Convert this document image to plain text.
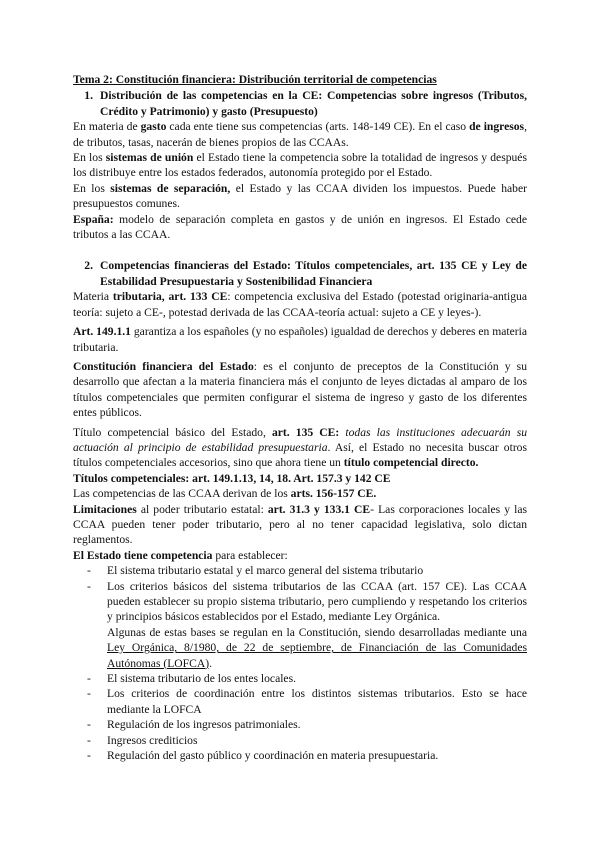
Tema 2: Constitución financiera: Distribución territorial de competencias

1. Distribución de las competencias en la CE: Competencias sobre ingresos (Tributos, Crédito y Patrimonio) y gasto (Presupuesto)

En materia de gasto cada ente tiene sus competencias (arts. 148-149 CE). En el caso de ingresos, de tributos, tasas, nacerán de bienes propios de las CCAAs.

En los sistemas de unión el Estado tiene la competencia sobre la totalidad de ingresos y después los distribuye entre los estados federados, autonomía protegido por el Estado.

En los sistemas de separación, el Estado y las CCAA dividen los impuestos. Puede haber presupuestos comunes.

España: modelo de separación completa en gastos y de unión en ingresos. El Estado cede tributos a las CCAA.

2. Competencias financieras del Estado: Títulos competenciales, art. 135 CE y Ley de Estabilidad Presupuestaria y Sostenibilidad Financiera

Materia tributaria, art. 133 CE: competencia exclusiva del Estado (potestad originaria-antigua teoría: sujeto a CE-, potestad derivada de las CCAA-teoría actual: sujeto a CE y leyes-).

Art. 149.1.1 garantiza a los españoles (y no españoles) igualdad de derechos y deberes en materia tributaria.

Constitución financiera del Estado: es el conjunto de preceptos de la Constitución y su desarrollo que afectan a la materia financiera más el conjunto de leyes dictadas al amparo de los títulos competenciales que permiten configurar el sistema de ingreso y gasto de los diferentes entes públicos.

Título competencial básico del Estado, art. 135 CE: todas las instituciones adecuarán su actuación al principio de estabilidad presupuestaria. Así, el Estado no necesita buscar otros títulos competenciales accesorios, sino que ahora tiene un título competencial directo.

Títulos competenciales: art. 149.1.13, 14, 18. Art. 157.3 y 142 CE

Las competencias de las CCAA derivan de los arts. 156-157 CE.

Limitaciones al poder tributario estatal: art. 31.3 y 133.1 CE- Las corporaciones locales y las CCAA pueden tener poder tributario, pero al no tener capacidad legislativa, solo dictan reglamentos.

El Estado tiene competencia para establecer:

-	El sistema tributario estatal y el marco general del sistema tributario
-	Los criterios básicos del sistema tributarios de las CCAA (art. 157 CE). Las CCAA pueden establecer su propio sistema tributario, pero cumpliendo y respetando los criterios y principios básicos establecidos por el Estado, mediante Ley Orgánica.
Algunas de estas bases se regulan en la Constitución, siendo desarrolladas mediante una Ley Orgánica, 8/1980, de 22 de septiembre, de Financiación de las Comunidades Autónomas (LOFCA).
-	El sistema tributario de los entes locales.
-	Los criterios de coordinación entre los distintos sistemas tributarios. Esto se hace mediante la LOFCA
-	Regulación de los ingresos patrimoniales.
-	Ingresos crediticios
-	Regulación del gasto público y coordinación en materia presupuestaria.
